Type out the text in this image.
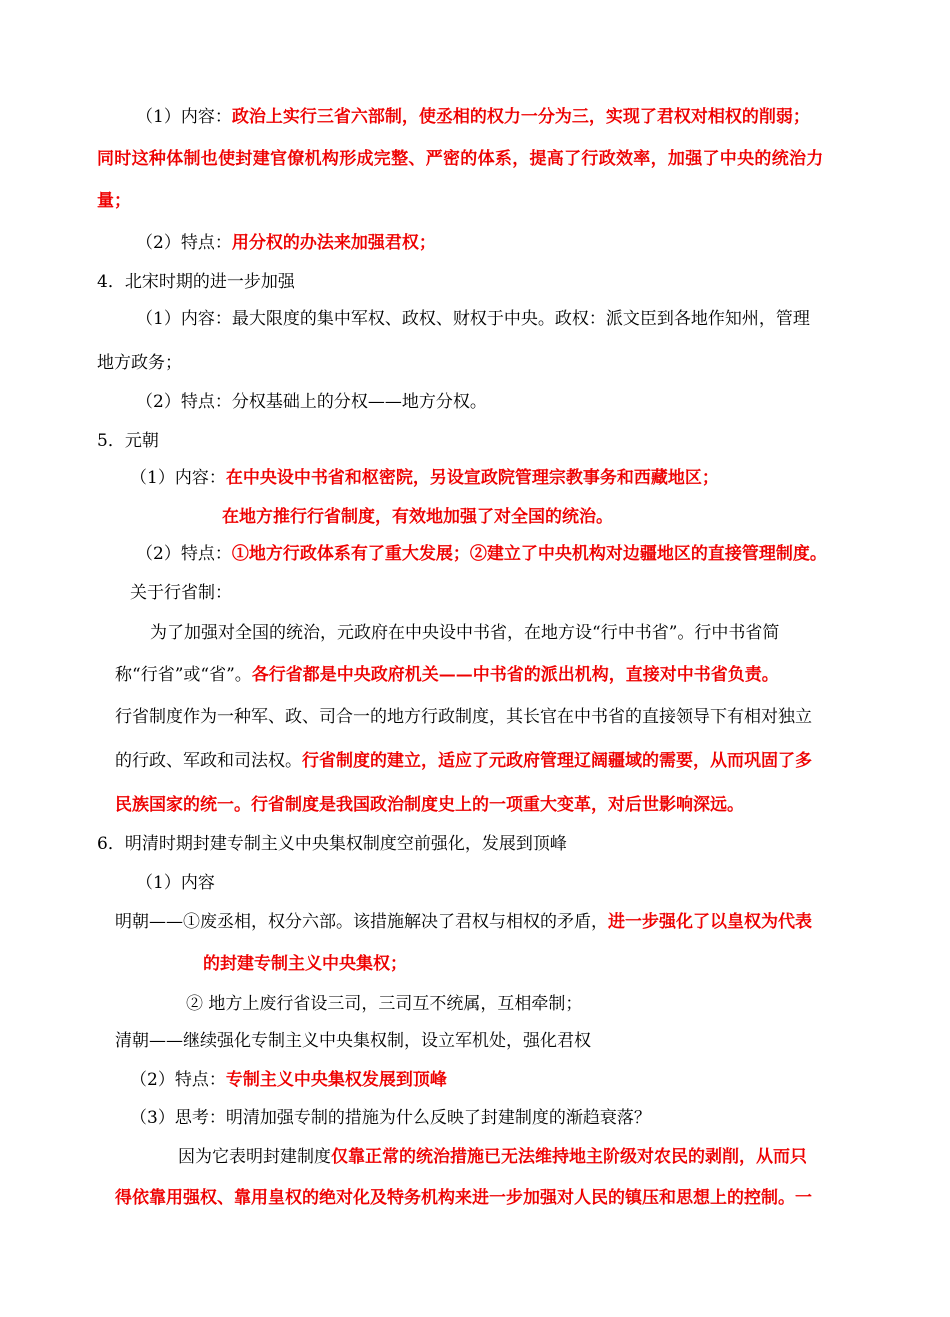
（1）内容：政治上实行三省六部制，使丞相的权力一分为三，实现了君权对相权的削弱；
同时这种体制也使封建官僚机构形成完整、严密的体系，提高了行政效率，加强了中央的统治力
量；
（2）特点：用分权的办法来加强君权；
4．北宋时期的进一步加强
（1）内容：最大限度的集中军权、政权、财权于中央。政权：派文臣到各地作知州，管理
地方政务；
（2）特点：分权基础上的分权——地方分权。
5．元朝
（1）内容：在中央设中书省和枢密院，另设宣政院管理宗教事务和西藏地区；
在地方推行行省制度，有效地加强了对全国的统治。
（2）特点：①地方行政体系有了重大发展；②建立了中央机构对边疆地区的直接管理制度。
关于行省制：
为了加强对全国的统治，元政府在中央设中书省，在地方设“行中书省”。行中书省简
称“行省”或“省”。各行省都是中央政府机关——中书省的派出机构，直接对中书省负责。
行省制度作为一种军、政、司合一的地方行政制度，其长官在中书省的直接领导下有相对独立
的行政、军政和司法权。行省制度的建立，适应了元政府管理辽阔疆域的需要，从而巩固了多
民族国家的统一。行省制度是我国政治制度史上的一项重大变革，对后世影响深远。
6．明清时期封建专制主义中央集权制度空前强化，发展到顶峰
（1）内容
明朝——①废丞相，权分六部。该措施解决了君权与相权的矛盾，进一步强化了以皇权为代表
的封建专制主义中央集权；
② 地方上废行省设三司，三司互不统属，互相牵制；
清朝——继续强化专制主义中央集权制，设立军机处，强化君权
（2）特点：专制主义中央集权发展到顶峰
（3）思考：明清加强专制的措施为什么反映了封建制度的渐趋衰落？
因为它表明封建制度仅靠正常的统治措施已无法维持地主阶级对农民的剥削，从而只
得依靠用强权、靠用皇权的绝对化及特务机构来进一步加强对人民的镇压和思想上的控制。一
